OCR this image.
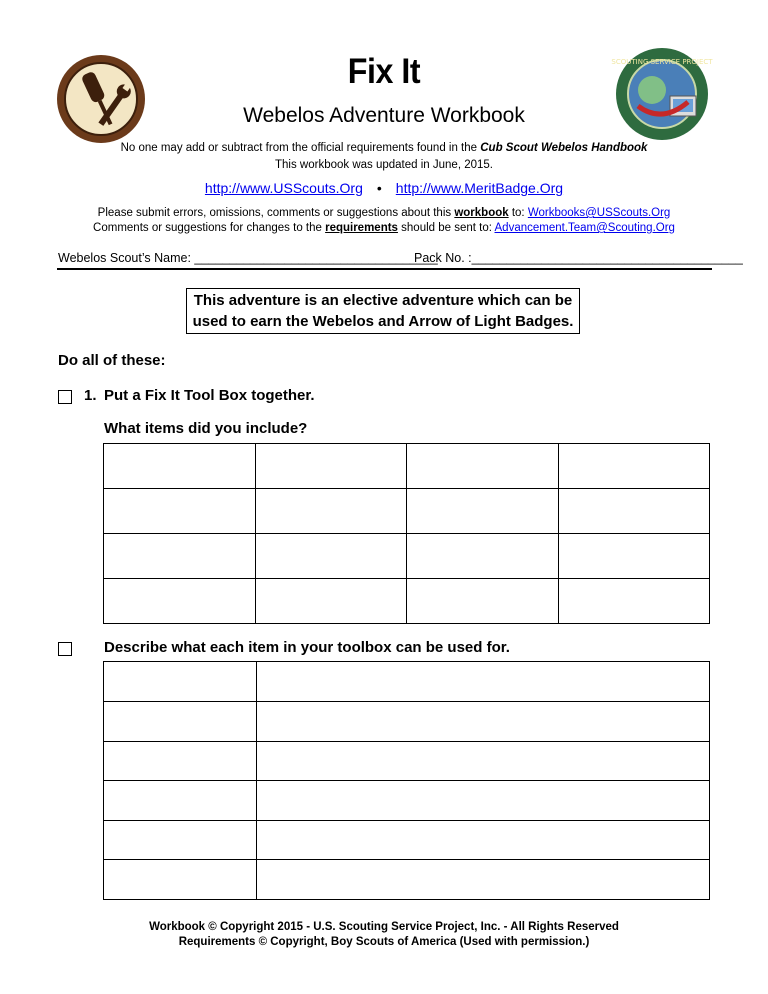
SCOUTING SERVICE PROJECT
Fix It
Webelos Adventure Workbook
No one may add or subtract from the official requirements found in the Cub Scout Webelos Handbook
This workbook was updated in June, 2015.
http://www.USScouts.Org • http://www.MeritBadge.Org
Please submit errors, omissions, comments or suggestions about this workbook to: Workbooks@USScouts.Org
Comments or suggestions for changes to the requirements should be sent to: Advancement.Team@Scouting.Org
Webelos Scout’s Name: ___________________________________
Pack No. :_______________________________________
This adventure is an elective adventure which can be
used to earn the Webelos and Arrow of Light Badges.
Do all of these:
1. Put a Fix It Tool Box together.
What items did you include?

Describe what each item in your toolbox can be used for.

Workbook © Copyright 2015 - U.S. Scouting Service Project, Inc. - All Rights Reserved
Requirements © Copyright, Boy Scouts of America (Used with permission.)
